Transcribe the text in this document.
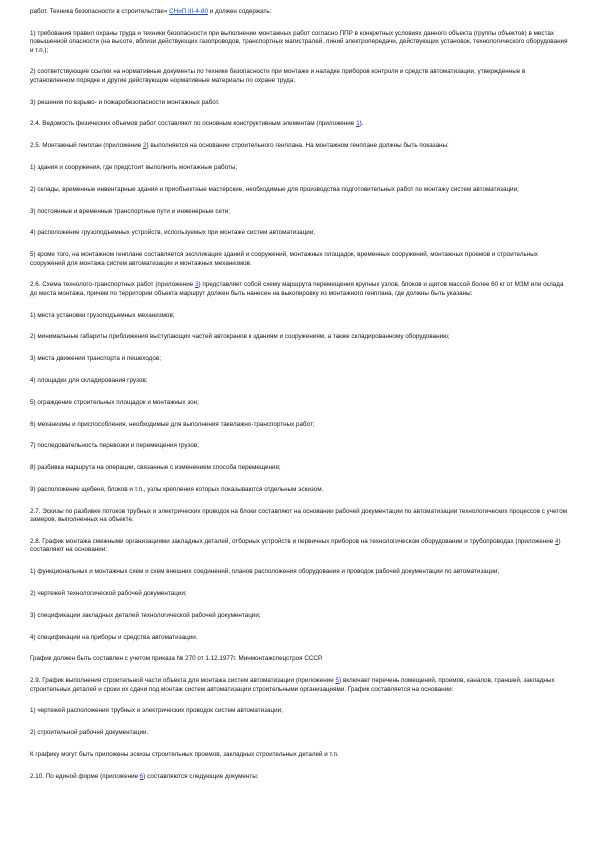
работ. Техника безопасности в строительстве» СНиП III-4-80 и должен содержать:

1) требования правил охраны труда и техники безопасности при выполнении монтажных работ согласно ППР в конкретных условиях данного объекта (группы объектов) в местах повышенной опасности (на высоте, вблизи действующих газопроводов, транспортных магистралей, линий электропередачи, действующих установок, технологического оборудования и т.п.);

2) соответствующие ссылки на нормативные документы по технике безопасности при монтаже и наладке приборов контроля и средств автоматизации, утвержденные в установленном порядке и другие действующие нормативные материалы по охране труда;

3) решения по взрыво- и пожаробезопасности монтажных работ.

2.4. Ведомость физических объемов работ составляют по основным конструктивным элементам (приложение 1).

2.5. Монтажный генплан (приложение 2) выполняется на основании строительного генплана. На монтажном генплане должны быть показаны:

1) здания и сооружения, где предстоит выполнить монтажные работы;

2) склады, временные инвентарные здания и приобъектные мастерские, необходимые для производства подготовительных работ по монтажу систем автоматизации;

3) постоянные и временные транспортные пути и инженерные сети;

4) расположение грузоподъемных устройств, используемых при монтаже систем автоматизации;

5) кроме того, на монтажном генплане составляется экспликация зданий и сооружений, монтажных площадок, временных сооружений, монтажных проемов и строительных сооружений для монтажа систем автоматизации и монтажных механизмов.

2.6. Схема технолого-транспортных работ (приложение 3) представляет собой схему маршрута перемещения крупных узлов, блоков и щитов массой более 60 кг от МЗМ или склада до места монтажа, причем по территории объекта маршрут должен быть нанесен на выкопировку из монтажного генплана, где должны быть указаны:

1) места установки грузоподъемных механизмов;

2) минимальные габариты приближения выступающих частей автокранов к зданиям и сооружениям, а также складированному оборудованию;

3) места движения транспорта и пешеходов;

4) площадки для складирования грузов;

5) ограждение строительных площадок и монтажных зон;

6) механизмы и приспособления, необходимые для выполнения такелажно-транспортных работ;

7) последовательность перевозки и перемещения грузов;

8) разбивка маршрута на операции, связанные с изменением способа перемещения;

9) расположение щебеня, блоков и т.п., узлы крепления которых показываются отдельным эскизом.

2.7. Эскизы по разбивке потоков трубных и электрических проводок на блоки составляют на основании рабочей документации по автоматизации технологических процессов с учетом замеров, выполненных на объекте.

2.8. График монтажа смежными организациями закладных деталей, отборных устройств и первичных приборов на технологическом оборудовании и трубопроводах (приложение 4) составляют на основании:

1) функциональных и монтажных схем и схем внешних соединений, планов расположения оборудования и проводок рабочей документации по автоматизации;

2) чертежей технологической рабочей документации;

3) спецификации закладных деталей технологической рабочей документации;

4) спецификации на приборы и средства автоматизации.

График должен быть составлен с учетом приказа № 270 от 1.12.1977г. Минмонтажспецстроя СССР.

2.9. График выполнения строительной части объекта для монтажа систем автоматизации (приложение 5) включает перечень помещений, проемов, каналов, траншей, закладных строительных деталей и сроки их сдачи под монтаж систем автоматизации строительными организациями. График составляется на основании:

1) чертежей расположения трубных и электрических проводок систем автоматизации;

2) строительной рабочей документации.

К графику могут быть приложены эскизы строительных проемов, закладных строительных деталей и т.п.

2.10. По единой форме (приложение 6) составляются следующие документы:
